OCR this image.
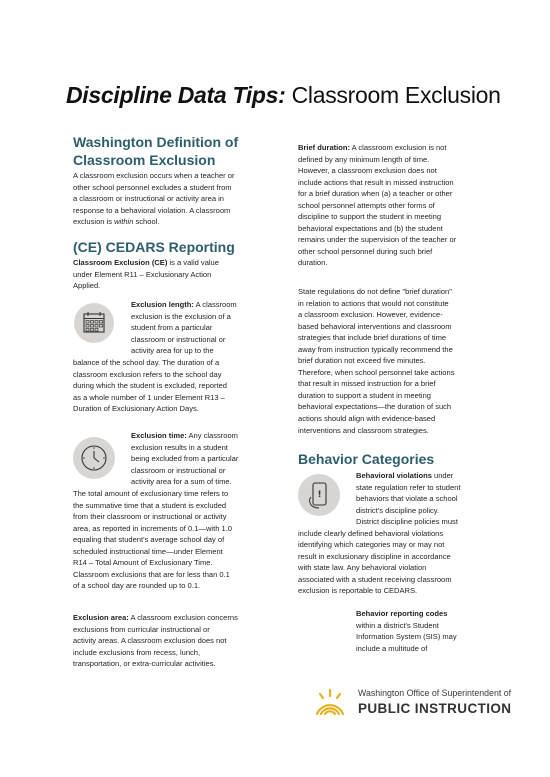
Discipline Data Tips: Classroom Exclusion

Washington Definition of

Classroom Exclusion

A classroom exclusion occurs when a teacher or

other school personnel excludes a student from

a classroom or instructional or activity area in

response to a behavioral violation. A classroom

exclusion is within school.

(CE) CEDARS Reporting

Classroom Exclusion (CE) is a valid value

under Element R11 – Exclusionary Action

Applied.

Exclusion length: A classroom

exclusion is the exclusion of a

student from a particular

classroom or instructional or

activity area for up to the

balance of the school day. The duration of a

classroom exclusion refers to the school day

during which the student is excluded, reported

as a whole number of 1 under Element R13 –

Duration of Exclusionary Action Days.

Exclusion time: Any classroom

exclusion results in a student

being excluded from a particular

classroom or instructional or

activity area for a sum of time.

The total amount of exclusionary time refers to

the summative time that a student is excluded

from their classroom or instructional or activity

area, as reported in increments of 0.1—with 1.0

equaling that student's average school day of

scheduled instructional time—under Element

R14 – Total Amount of Exclusionary Time.

Classroom exclusions that are for less than 0.1

of a school day are rounded up to 0.1.

Exclusion area: A classroom exclusion concerns

exclusions from curricular instructional or

activity areas. A classroom exclusion does not

include exclusions from recess, lunch,

transportation, or extra-curricular activities.

Brief duration: A classroom exclusion is not

defined by any minimum length of time.

However, a classroom exclusion does not

include actions that result in missed instruction

for a brief duration when (a) a teacher or other

school personnel attempts other forms of

discipline to support the student in meeting

behavioral expectations and (b) the student

remains under the supervision of the teacher or

other school personnel during such brief

duration.

State regulations do not define "brief duration"

in relation to actions that would not constitute

a classroom exclusion. However, evidence-

based behavioral interventions and classroom

strategies that include brief durations of time

away from instruction typically recommend the

brief duration not exceed five minutes.

Therefore, when school personnel take actions

that result in missed instruction for a brief

duration to support a student in meeting

behavioral expectations—the duration of such

actions should align with evidence-based

interventions and classroom strategies.

Behavior Categories

!

Behavioral violations under

state regulation refer to student

behaviors that violate a school

district's discipline policy.

District discipline policies must

include clearly defined behavioral violations

identifying which categories may or may not

result in exclusionary discipline in accordance

with state law. Any behavioral violation

associated with a student receiving classroom

exclusion is reportable to CEDARS.

Behavior reporting codes

within a district's Student

Information System (SIS) may

include a multitude of

Washington Office of Superintendent of
PUBLIC INSTRUCTION
